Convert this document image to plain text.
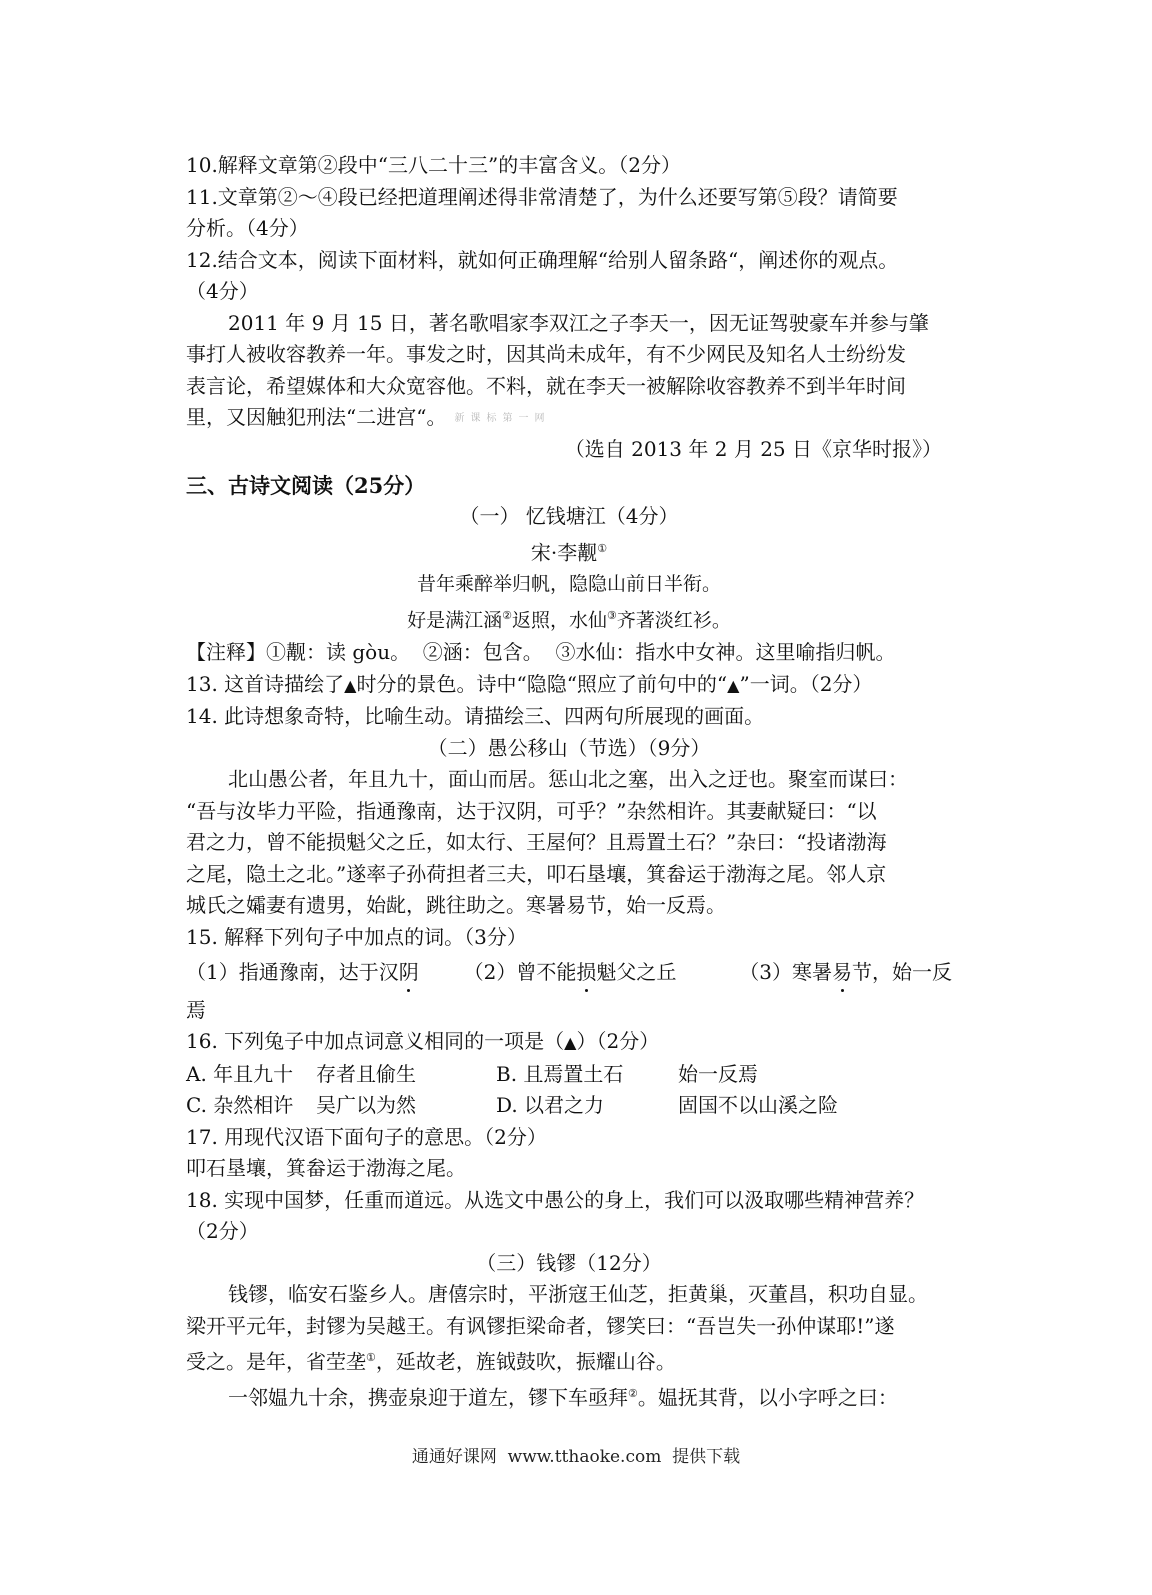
10.解释文章第②段中“三八二十三”的丰富含义。（2分）
11.文章第②～④段已经把道理阐述得非常清楚了，为什么还要写第⑤段？请简要
分析。（4分）
12.结合文本，阅读下面材料，就如何正确理解“给别人留条路“，阐述你的观点。
（4分）
2011 年 9 月 15 日，著名歌唱家李双江之子李天一，因无证驾驶豪车并参与肇
事打人被收容教养一年。事发之时，因其尚未成年，有不少网民及知名人士纷纷发
表言论，希望媒体和大众宽容他。不料，就在李天一被解除收容教养不到半年时间
里，又因触犯刑法“二进宫“。 新课标第一网
（选自 2013 年 2 月 25 日《京华时报》）
三、古诗文阅读（25分）
（一） 忆钱塘江（4分）
宋·李觏①
昔年乘醉举归帆，隐隐山前日半衔。
好是满江涵②返照，水仙③齐著淡红衫。
【注释】①觏：读 gòu。  ②涵：包含。  ③水仙：指水中女神。这里喻指归帆。
13. 这首诗描绘了▲时分的景色。诗中“隐隐“照应了前句中的“▲”一词。（2分）
14. 此诗想象奇特，比喻生动。请描绘三、四两句所展现的画面。
（二）愚公移山（节选）（9分）
北山愚公者，年且九十，面山而居。惩山北之塞，出入之迂也。聚室而谋曰：
“吾与汝毕力平险，指通豫南，达于汉阴，可乎？”杂然相许。其妻献疑曰：“以
君之力，曾不能损魁父之丘，如太行、王屋何？且焉置土石？”杂曰：“投诸渤海
之尾，隐土之北。”遂率子孙荷担者三夫，叩石垦壤，箕畚运于渤海之尾。邻人京
城氏之孀妻有遗男，始龀，跳往助之。寒暑易节，始一反焉。
15. 解释下列句子中加点的词。（3分）
（1）指通豫南，达于汉阴	（2）曾不能损魁父之丘	（3）寒暑易节，始一反
焉
16. 下列兔子中加点词意义相同的一项是（▲）（2分）
A. 年且九十	存者且偷生	B. 且焉置土石	始一反焉
C. 杂然相许	吴广以为然	D. 以君之力	固国不以山溪之险
17. 用现代汉语下面句子的意思。（2分）
叩石垦壤，箕畚运于渤海之尾。
18. 实现中国梦，任重而道远。从选文中愚公的身上，我们可以汲取哪些精神营养？
（2分）
（三）钱镠（12分）
钱镠，临安石鉴乡人。唐僖宗时，平浙寇王仙芝，拒黄巢，灭董昌，积功自显。
梁开平元年，封镠为吴越王。有讽镠拒梁命者，镠笑曰：“吾岂失一孙仲谋耶!”遂
受之。是年，省茔垄①，延故老，旌钺鼓吹，振耀山谷。
一邻媪九十余，携壶泉迎于道左，镠下车亟拜②。媪抚其背，以小字呼之曰：
通通好课网  www.tthaoke.com  提供下载
